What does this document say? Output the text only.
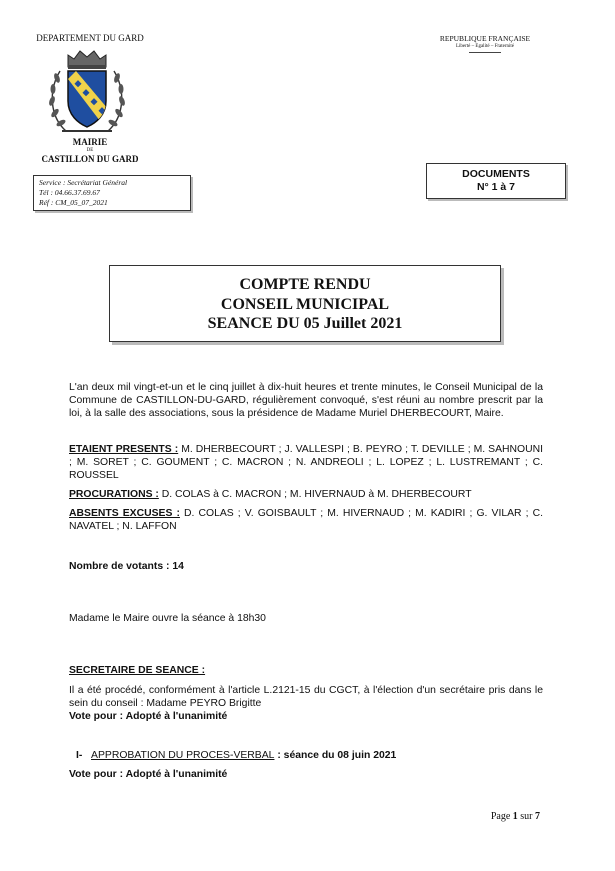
DEPARTEMENT DU GARD
MAIRIE
DE
CASTILLON DU GARD
REPUBLIQUE FRANÇAISE
Liberté – Egalité – Fraternité
Service : Secrétariat Général
Tél : 04.66.37.69.67
Réf : CM_05_07_2021
DOCUMENTS
N° 1 à 7
COMPTE RENDU
CONSEIL MUNICIPAL
SEANCE DU 05 Juillet 2021
L'an deux mil vingt-et-un et le cinq juillet à dix-huit heures et trente minutes, le Conseil Municipal de la Commune de CASTILLON-DU-GARD, régulièrement convoqué, s'est réuni au nombre prescrit par la loi, à la salle des associations, sous la présidence de Madame Muriel DHERBECOURT, Maire.
ETAIENT PRESENTS : M. DHERBECOURT ; J. VALLESPI ; B. PEYRO ; T. DEVILLE ; M. SAHNOUNI ; M. SORET ; C. GOUMENT ; C. MACRON ; N. ANDREOLI ; L. LOPEZ ; L. LUSTREMANT ; C. ROUSSEL
PROCURATIONS : D. COLAS à C. MACRON ; M. HIVERNAUD à M. DHERBECOURT
ABSENTS EXCUSES : D. COLAS ; V. GOISBAULT ; M. HIVERNAUD ; M. KADIRI ; G. VILAR ; C. NAVATEL ; N. LAFFON
Nombre de votants : 14
Madame le Maire ouvre la séance à 18h30
SECRETAIRE DE SEANCE :
Il a été procédé, conformément à l'article L.2121-15 du CGCT, à l'élection d'un secrétaire pris dans le sein du conseil : Madame PEYRO Brigitte
Vote pour : Adopté à l'unanimité
I- APPROBATION DU PROCES-VERBAL : séance du 08 juin 2021
Vote pour : Adopté à l'unanimité
Page 1 sur 7
